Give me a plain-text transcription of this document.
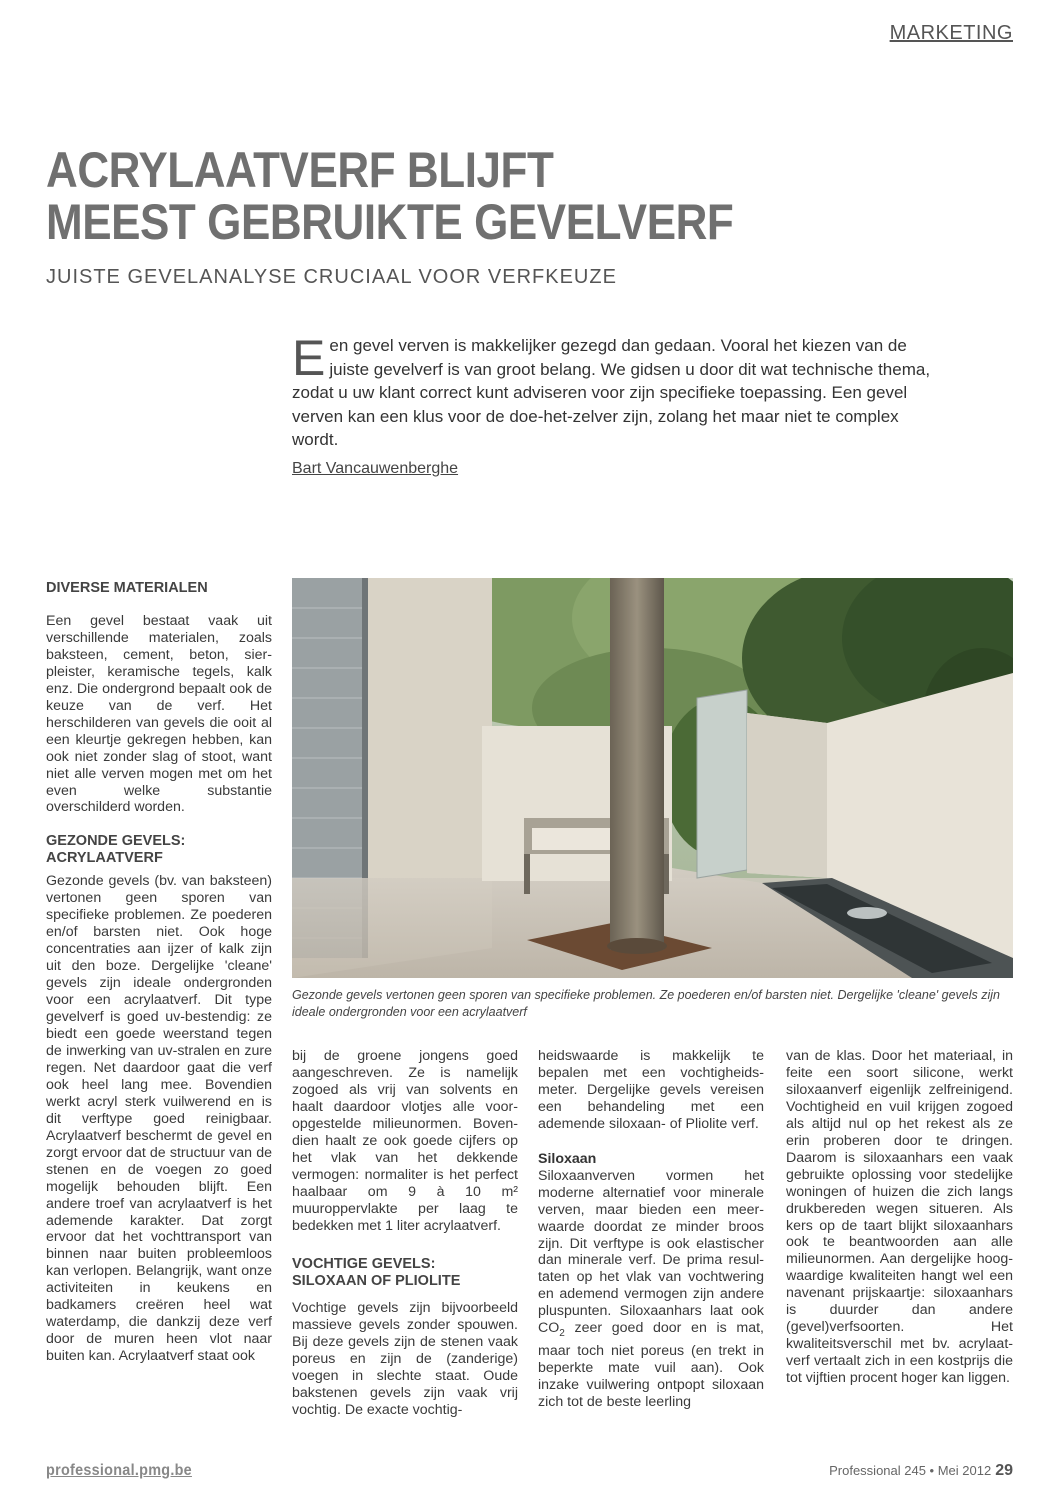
MARKETING
ACRYLAATVERF BLIJFT
MEEST GEBRUIKTE GEVELVERF
JUISTE GEVELANALYSE CRUCIAAL VOOR VERFKEUZE
Een gevel verven is makkelijker gezegd dan gedaan. Vooral het kiezen van de juiste gevelverf is van groot belang. We gidsen u door dit wat technische thema, zodat u uw klant correct kunt adviseren voor zijn specifieke toepassing. Een gevel verven kan een klus voor de doe-het-zelver zijn, zolang het maar niet te complex wordt.
Bart Vancauwenberghe
Gezonde gevels vertonen geen sporen van specifieke problemen. Ze poederen en/of barsten niet. Dergelijke 'cleane' gevels zijn ideale ondergronden voor een acrylaatverf

DIVERSE MATERIALEN

Een gevel bestaat vaak uit verschillende materialen, zoals baksteen, cement, beton, sierpleister, keramische tegels, kalk enz. Die ondergrond bepaalt ook de keuze van de verf. Het herschilderen van gevels die ooit al een kleurtje gekregen hebben, kan ook niet zonder slag of stoot, want niet alle verven mogen met om het even welke substantie overschilderd worden.

GEZONDE GEVELS:
ACRYLAATVERF

Gezonde gevels (bv. van baksteen) vertonen geen sporen van specifieke problemen. Ze poederen en/of barsten niet. Ook hoge concentraties aan ijzer of kalk zijn uit den boze. Dergelijke 'cleane' gevels zijn ideale ondergronden voor een acrylaatverf. Dit type gevelverf is goed uv-bestendig: ze biedt een goede weerstand tegen de inwerking van uv-stralen en zure regen. Net daardoor gaat die verf ook heel lang mee. Bovendien werkt acryl sterk vuilwerend en is dit verftype goed reinigbaar. Acrylaatverf beschermt de gevel en zorgt ervoor dat de structuur van de stenen en de voegen zo goed mogelijk behouden blijft. Een andere troef van acrylaatverf is het ademende karakter. Dat zorgt ervoor dat het vochttransport van binnen naar buiten probleemloos kan verlopen. Belangrijk, want onze activiteiten in keukens en badkamers creëren heel wat waterdamp, die dankzij deze verf door de muren heen vlot naar buiten kan. Acrylaatverf staat ook

bij de groene jongens goed aangeschreven. Ze is namelijk zogoed als vrij van solvents en haalt daardoor vlotjes alle vooropgestelde milieunormen. Bovendien haalt ze ook goede cijfers op het vlak van het dekkende vermogen: normaliter is het perfect haalbaar om 9 à 10 m² muuroppervlakte per laag te bedekken met 1 liter acrylaatverf.

VOCHTIGE GEVELS:
SILOXAAN OF PLIOLITE

Vochtige gevels zijn bijvoorbeeld massieve gevels zonder spouwen. Bij deze gevels zijn de stenen vaak poreus en zijn de (zanderige) voegen in slechte staat. Oude bakstenen gevels zijn vaak vrij vochtig. De exacte vochtig-

heidswaarde is makkelijk te bepalen met een vochtigheidsmeter. Dergelijke gevels vereisen een behandeling met een ademende siloxaan- of Pliolite verf.

Siloxaan

Siloxaanverven vormen het moderne alternatief voor minerale verven, maar bieden een meerwaarde doordat ze minder broos zijn. Dit verftype is ook elastischer dan minerale verf. De prima resultaten op het vlak van vochtwering en ademend vermogen zijn andere pluspunten. Siloxaanhars laat ook $CO_2$ zeer goed door en is mat, maar toch niet poreus (en trekt in beperkte mate vuil aan). Ook inzake vuilwering ontpopt siloxaan zich tot de beste leerling

van de klas. Door het materiaal, in feite een soort silicone, werkt siloxaanverf eigenlijk zelfreinigend. Vochtigheid en vuil krijgen zogoed als altijd nul op het rekest als ze erin proberen door te dringen. Daarom is siloxaanhars een vaak gebruikte oplossing voor stedelijke woningen of huizen die zich langs drukbereden wegen situeren. Als kers op de taart blijkt siloxaanhars ook te beantwoorden aan alle milieunormen. Aan dergelijke hoogwaardige kwaliteiten hangt wel een navenant prijskaartje: siloxaanhars is duurder dan andere (gevel)verfsoorten. Het kwaliteitsverschil met bv. acrylaatverf vertaalt zich in een kostprijs die tot vijftien procent hoger kan liggen.

professional.pmg.be	Professional 245 • Mei 2012 29
